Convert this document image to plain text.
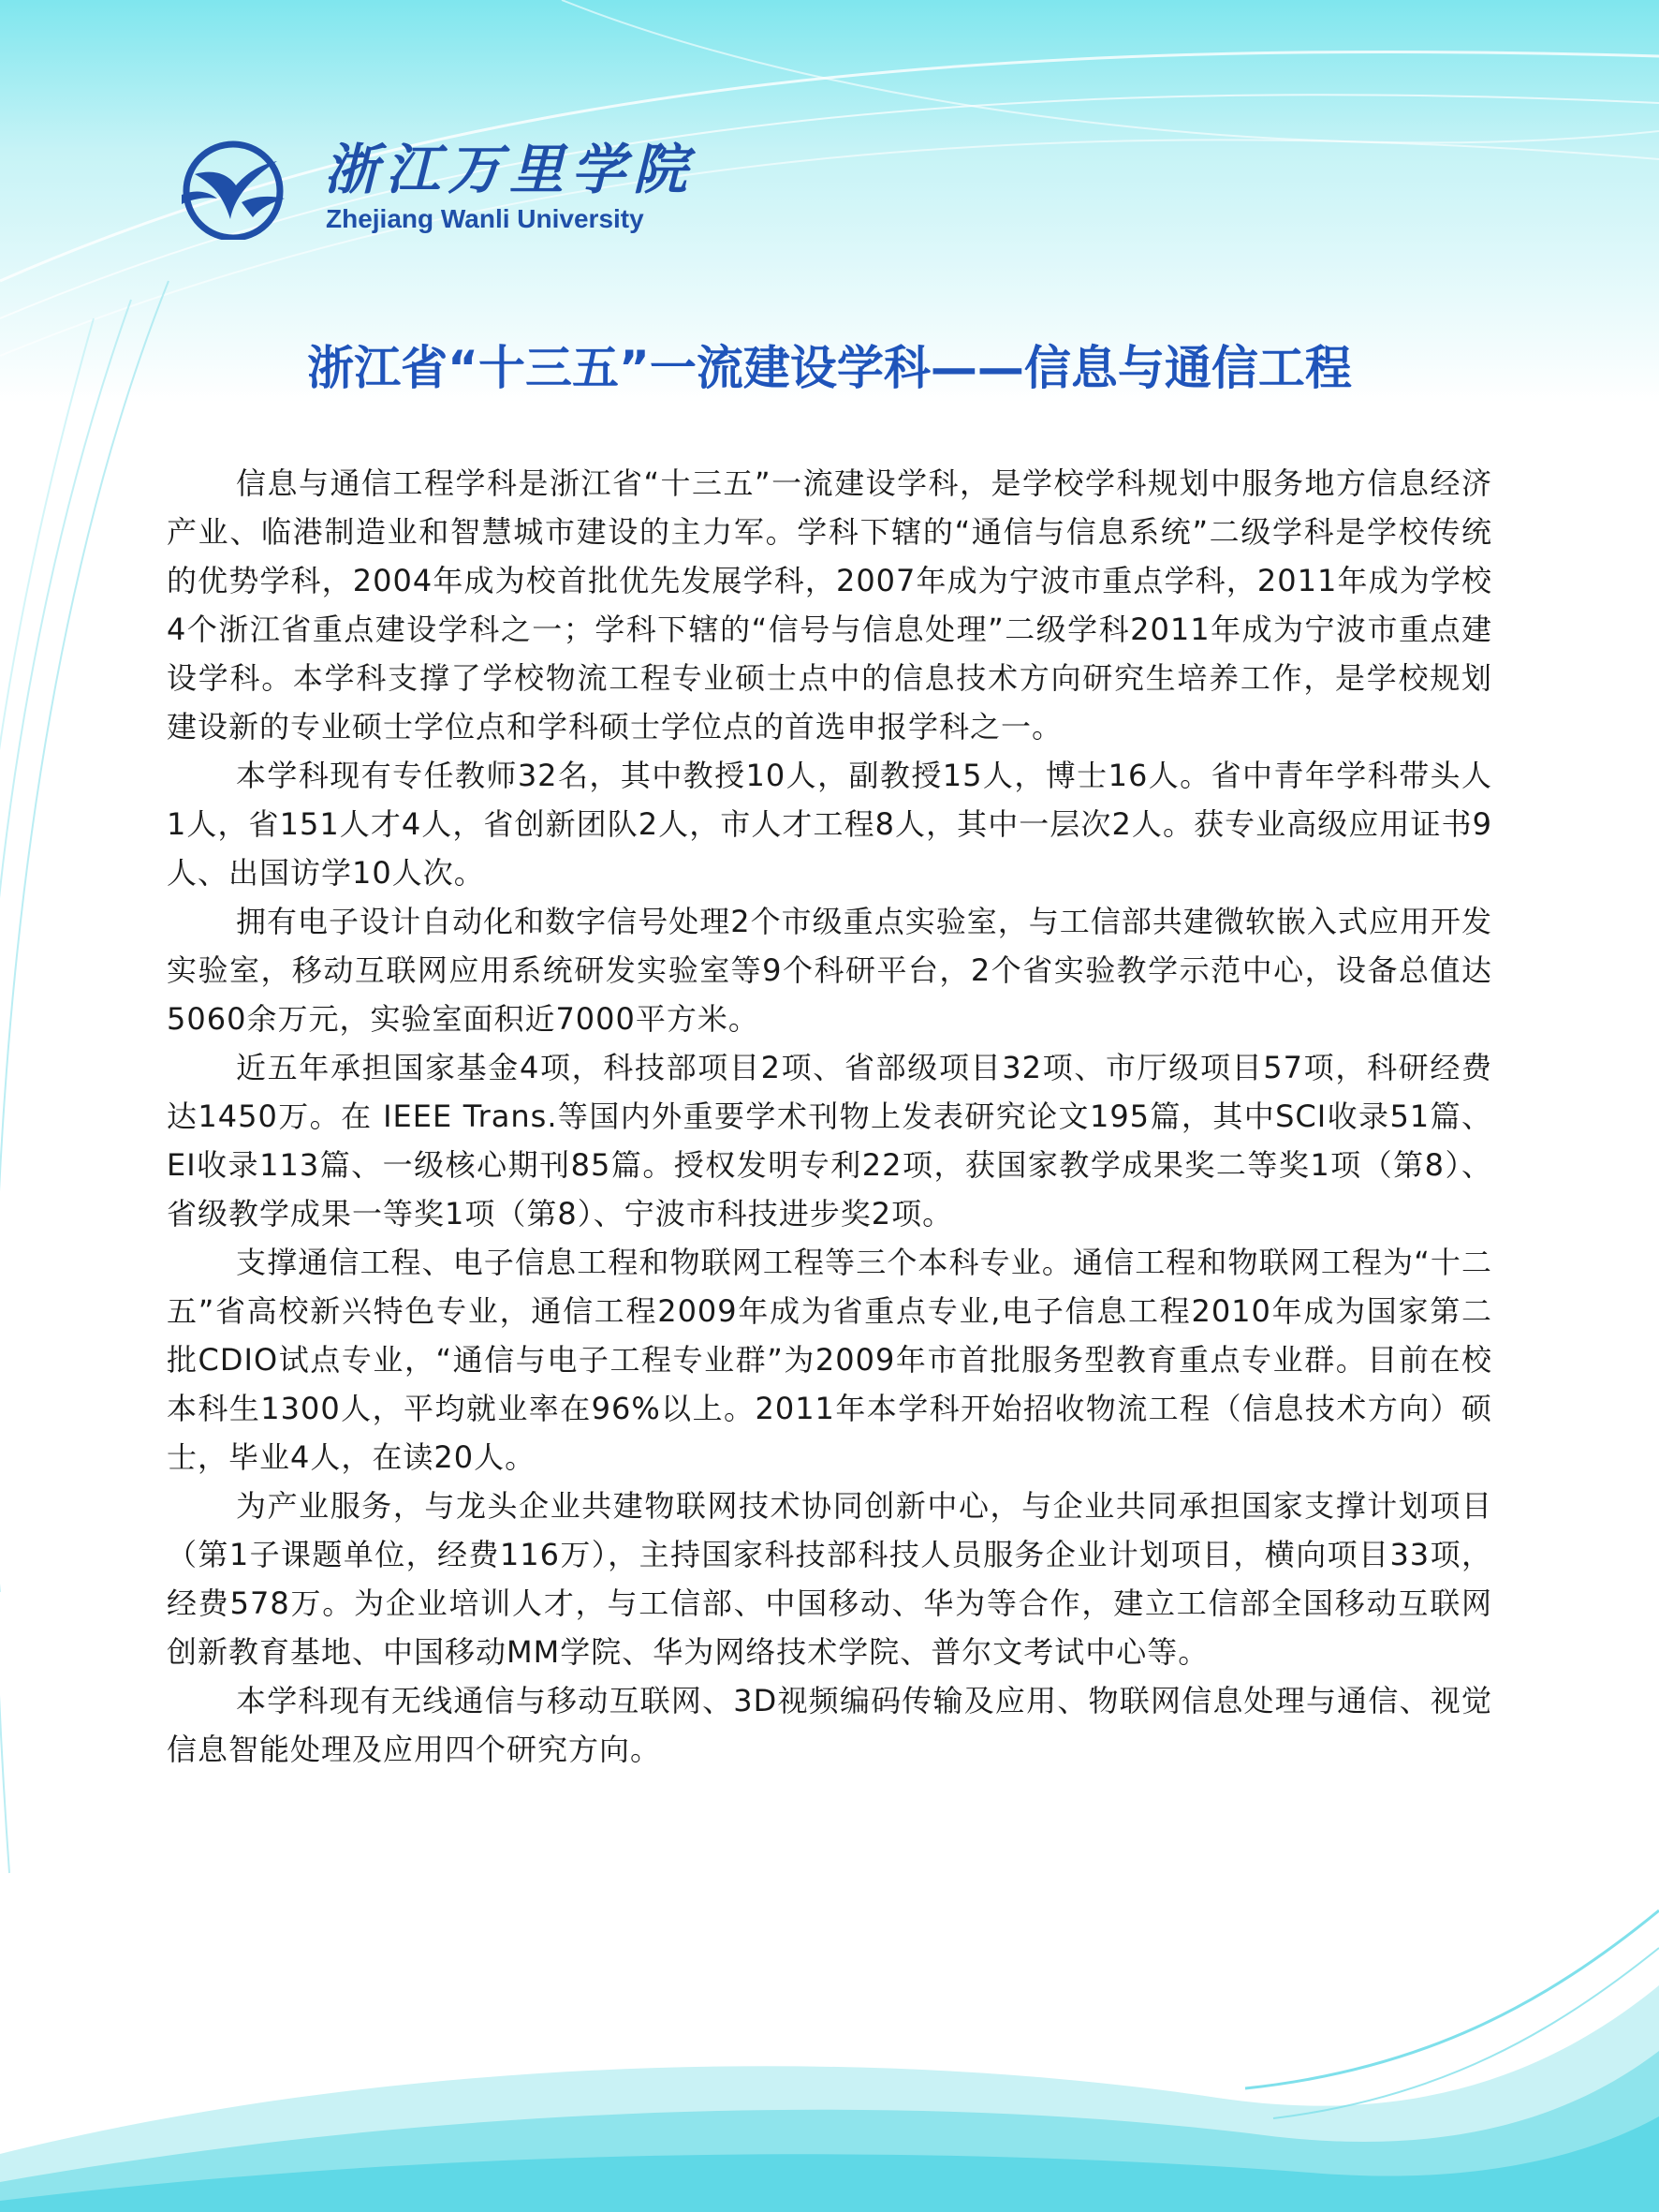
浙江万里学院
Zhejiang Wanli University
浙江省“十三五”一流建设学科——信息与通信工程

信息与通信工程学科是浙江省“十三五”一流建设学科，是学校学科规划中服务地方信息经济产业、临港制造业和智慧城市建设的主力军。学科下辖的“通信与信息系统”二级学科是学校传统的优势学科，2004年成为校首批优先发展学科，2007年成为宁波市重点学科，2011年成为学校4个浙江省重点建设学科之一；学科下辖的“信号与信息处理”二级学科2011年成为宁波市重点建设学科。本学科支撑了学校物流工程专业硕士点中的信息技术方向研究生培养工作，是学校规划建设新的专业硕士学位点和学科硕士学位点的首选申报学科之一。

本学科现有专任教师32名，其中教授10人，副教授15人，博士16人。省中青年学科带头人1人，省151人才4人，省创新团队2人，市人才工程8人，其中一层次2人。获专业高级应用证书9人、出国访学10人次。

拥有电子设计自动化和数字信号处理2个市级重点实验室，与工信部共建微软嵌入式应用开发实验室，移动互联网应用系统研发实验室等9个科研平台，2个省实验教学示范中心，设备总值达5060余万元，实验室面积近7000平方米。

近五年承担国家基金4项，科技部项目2项、省部级项目32项、市厅级项目57项，科研经费达1450万。在 IEEE Trans.等国内外重要学术刊物上发表研究论文195篇，其中SCI收录51篇、EI收录113篇、一级核心期刊85篇。授权发明专利22项，获国家教学成果奖二等奖1项（第8）、省级教学成果一等奖1项（第8）、宁波市科技进步奖2项。

支撑通信工程、电子信息工程和物联网工程等三个本科专业。通信工程和物联网工程为“十二五”省高校新兴特色专业，通信工程2009年成为省重点专业,电子信息工程2010年成为国家第二批CDIO试点专业，“通信与电子工程专业群”为2009年市首批服务型教育重点专业群。目前在校本科生1300人，平均就业率在96%以上。2011年本学科开始招收物流工程（信息技术方向）硕士，毕业4人，在读20人。

为产业服务，与龙头企业共建物联网技术协同创新中心，与企业共同承担国家支撑计划项目（第1子课题单位，经费116万），主持国家科技部科技人员服务企业计划项目，横向项目33项，经费578万。为企业培训人才，与工信部、中国移动、华为等合作，建立工信部全国移动互联网创新教育基地、中国移动MM学院、华为网络技术学院、普尔文考试中心等。

本学科现有无线通信与移动互联网、3D视频编码传输及应用、物联网信息处理与通信、视觉信息智能处理及应用四个研究方向。
